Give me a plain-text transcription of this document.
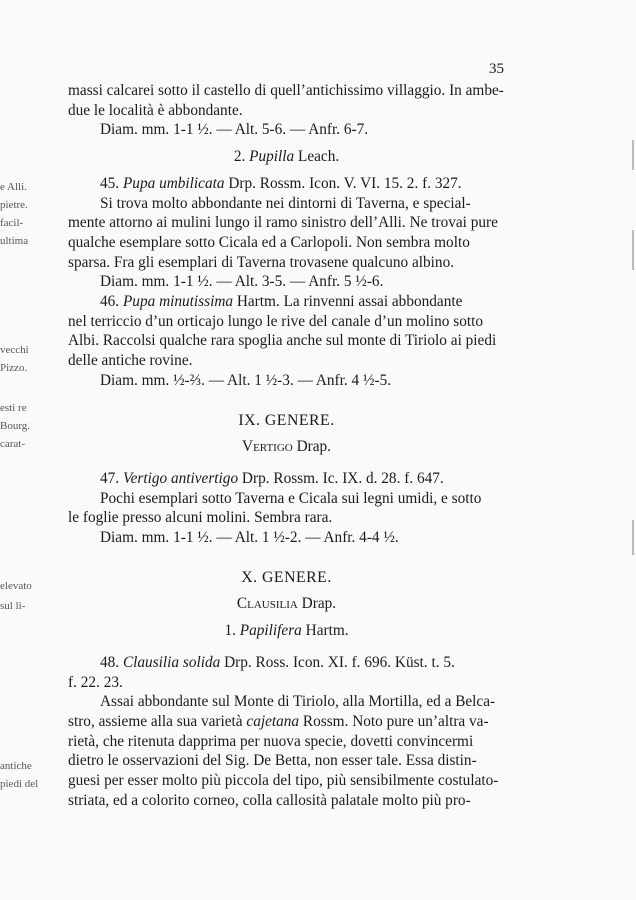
e Alli.
pietre.
facil-
ultima
vecchi
Pizzo.
esti re
Bourg.
carat-
elevato
sul li-
antiche
piedi del
35

massi calcarei sotto il castello di quell’antichissimo villaggio. In ambe-

due le località è abbondante.

Diam. mm. 1-1 ½. — Alt. 5-6. — Anfr. 6-7.

2. Pupilla Leach.

45. Pupa umbilicata Drp. Rossm. Icon. V. VI. 15. 2. f. 327.

Si trova molto abbondante nei dintorni di Taverna, e special-

mente attorno ai mulini lungo il ramo sinistro dell’Alli. Ne trovai pure

qualche esemplare sotto Cicala ed a Carlopoli. Non sembra molto

sparsa. Fra gli esemplari di Taverna trovasene qualcuno albino.

Diam. mm. 1-1 ½. — Alt. 3-5. — Anfr. 5 ½-6.

46. Pupa minutissima Hartm. La rinvenni assai abbondante

nel terriccio d’un orticajo lungo le rive del canale d’un molino sotto

Albi. Raccolsi qualche rara spoglia anche sul monte di Tiriolo ai piedi

delle antiche rovine.

Diam. mm. ½-⅔. — Alt. 1 ½-3. — Anfr. 4 ½-5.

IX. GENERE.

Vertigo Drap.

47. Vertigo antivertigo Drp. Rossm. Ic. IX. d. 28. f. 647.

Pochi esemplari sotto Taverna e Cicala sui legni umidi, e sotto

le foglie presso alcuni molini. Sembra rara.

Diam. mm. 1-1 ½. — Alt. 1 ½-2. — Anfr. 4-4 ½.

X. GENERE.

Clausilia Drap.

1. Papilifera Hartm.

48. Clausilia solida Drp. Ross. Icon. XI. f. 696. Küst. t. 5.

f. 22. 23.

Assai abbondante sul Monte di Tiriolo, alla Mortilla, ed a Belca-

stro, assieme alla sua varietà cajetana Rossm. Noto pure un’altra va-

rietà, che ritenuta dapprima per nuova specie, dovetti convincermi

dietro le osservazioni del Sig. De Betta, non esser tale. Essa distin-

guesi per esser molto più piccola del tipo, più sensibilmente costulato-

striata, ed a colorito corneo, colla callosità palatale molto più pro-
